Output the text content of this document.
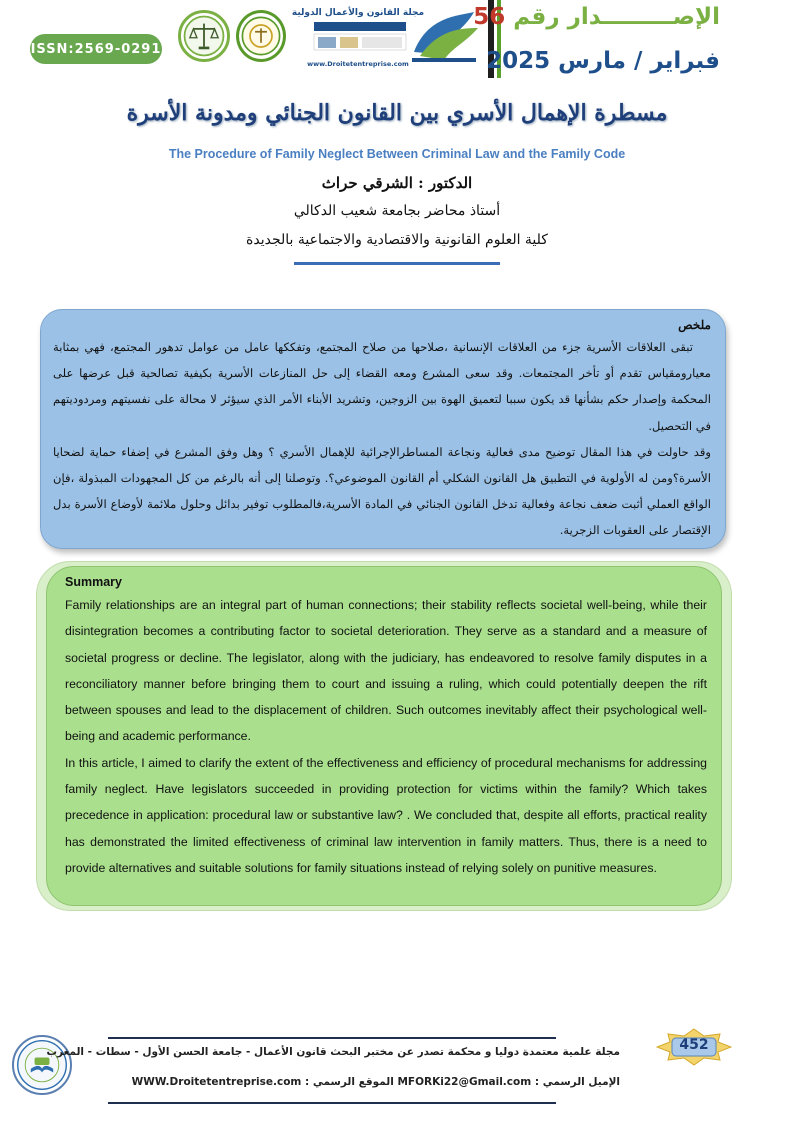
ISSN:2569-0291
مجلة القانون والأعمال الدولية
www.Droitetentreprise.com
الإصـــــــــدار رقم 56
فبراير / مارس 2025
مسطرة الإهمال الأسري بين القانون الجنائي ومدونة الأسرة
The Procedure of Family Neglect Between Criminal Law and the Family Code
الدكتور : الشرقي حراث
أستاذ محاضر بجامعة شعيب الدكالي
كلية العلوم القانونية والاقتصادية والاجتماعية بالجديدة
ملخص

تبقى العلاقات الأسرية جزء من العلاقات الإنسانية ،صلاحها من صلاح المجتمع، وتفككها عامل من عوامل تدهور المجتمع، فهي بمثابة معيارومقياس تقدم أو تأخر المجتمعات. وقد سعى المشرع ومعه القضاء إلى حل المنازعات الأسرية بكيفية تصالحية قبل عرضها على المحكمة وإصدار حكم بشأنها قد يكون سببا لتعميق الهوة بين الزوجين، وتشريد الأبناء الأمر الذي سيؤثر لا محالة على نفسيتهم ومردوديتهم في التحصيل.

وقد حاولت في هذا المقال توضيح مدى فعالية ونجاعة المساطرالإجرائية للإهمال الأسري ؟ وهل وفق المشرع في إضفاء حماية لضحايا الأسرة؟ومن له الأولوية في التطبيق هل القانون الشكلي أم القانون الموضوعي؟. وتوصلنا إلى أنه بالرغم من كل المجهودات المبذولة ،فإن الواقع العملي أثبت ضعف نجاعة وفعالية تدخل القانون الجنائي في المادة الأسرية،فالمطلوب توفير بدائل وحلول ملائمة لأوضاع الأسرة بدل الإقتصار على العقوبات الزجرية.

Summary

Family relationships are an integral part of human connections; their stability reflects societal well-being, while their disintegration becomes a contributing factor to societal deterioration. They serve as a standard and a measure of societal progress or decline. The legislator, along with the judiciary, has endeavored to resolve family disputes in a reconciliatory manner before bringing them to court and issuing a ruling, which could potentially deepen the rift between spouses and lead to the displacement of children. Such outcomes inevitably affect their psychological well-being and academic performance.

In this article, I aimed to clarify the extent of the effectiveness and efficiency of procedural mechanisms for addressing family neglect. Have legislators succeeded in providing protection for victims within the family? Which takes precedence in application: procedural law or substantive law? . We concluded that, despite all efforts, practical reality has demonstrated the limited effectiveness of criminal law intervention in family matters. Thus, there is a need to provide alternatives and suitable solutions for family situations instead of relying solely on punitive measures.

مجلة علمية معتمدة دوليا و محكمة تصدر عن مختبر البحث قانون الأعمال - جامعة الحسن الأول - سطات - المغرب
الإميل الرسمي : MFORKi22@Gmail.com الموقع الرسمي : WWW.Droitetentreprise.com
452
